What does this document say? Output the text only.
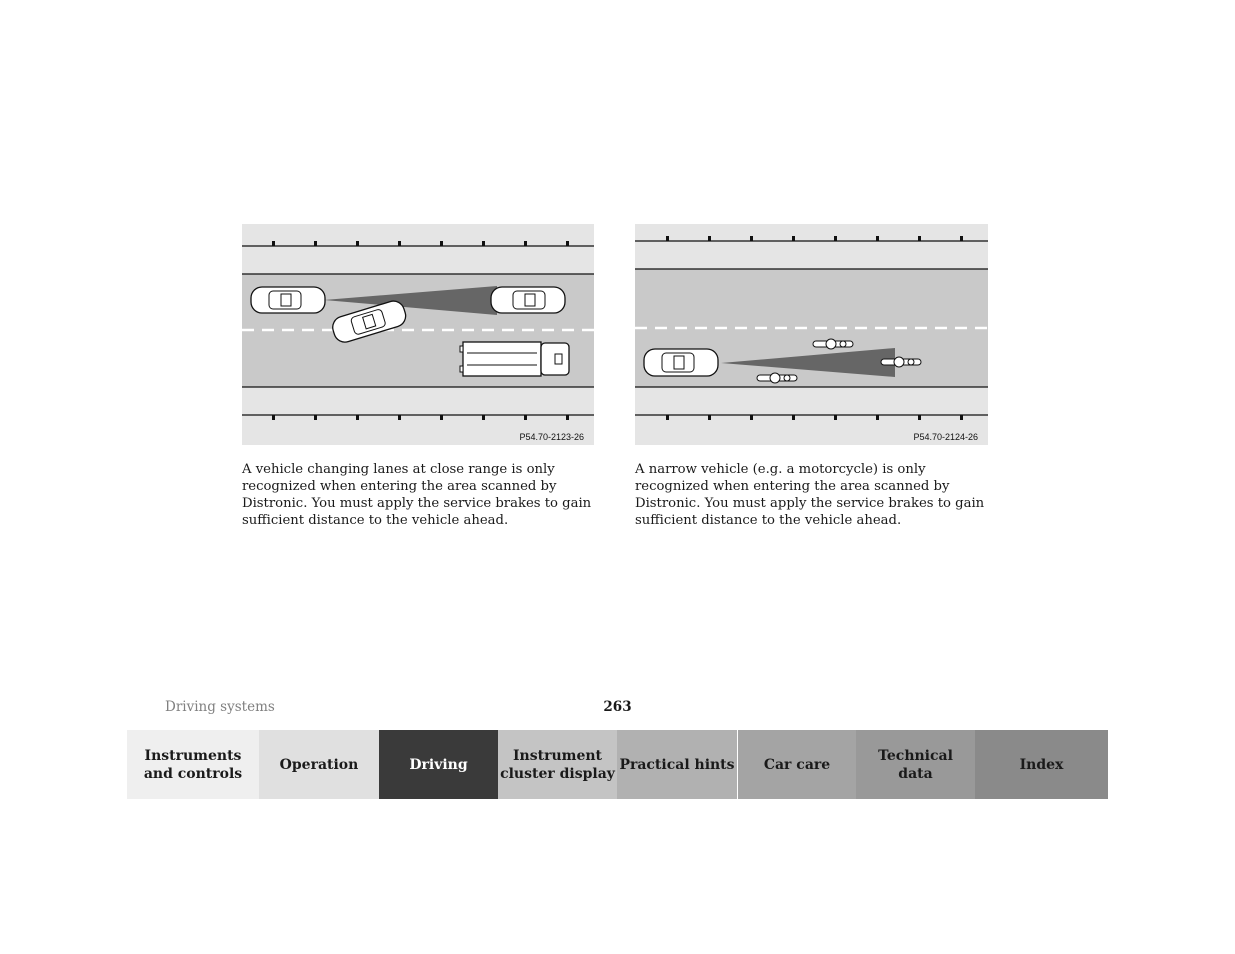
P54.70-2123-26	P54.70-2124-26
A vehicle changing lanes at close range is only recognized when entering the area scanned by Distronic. You must apply the service brakes to gain sufficient distance to the vehicle ahead.
A narrow vehicle (e.g. a motorcycle) is only recognized when entering the area scanned by Distronic. You must apply the service brakes to gain sufficient distance to the vehicle ahead.
Driving systems	263
Instruments
and controls
Operation	Driving
Instrument
cluster display
Practical hints	Car care
Technical
data
Index
